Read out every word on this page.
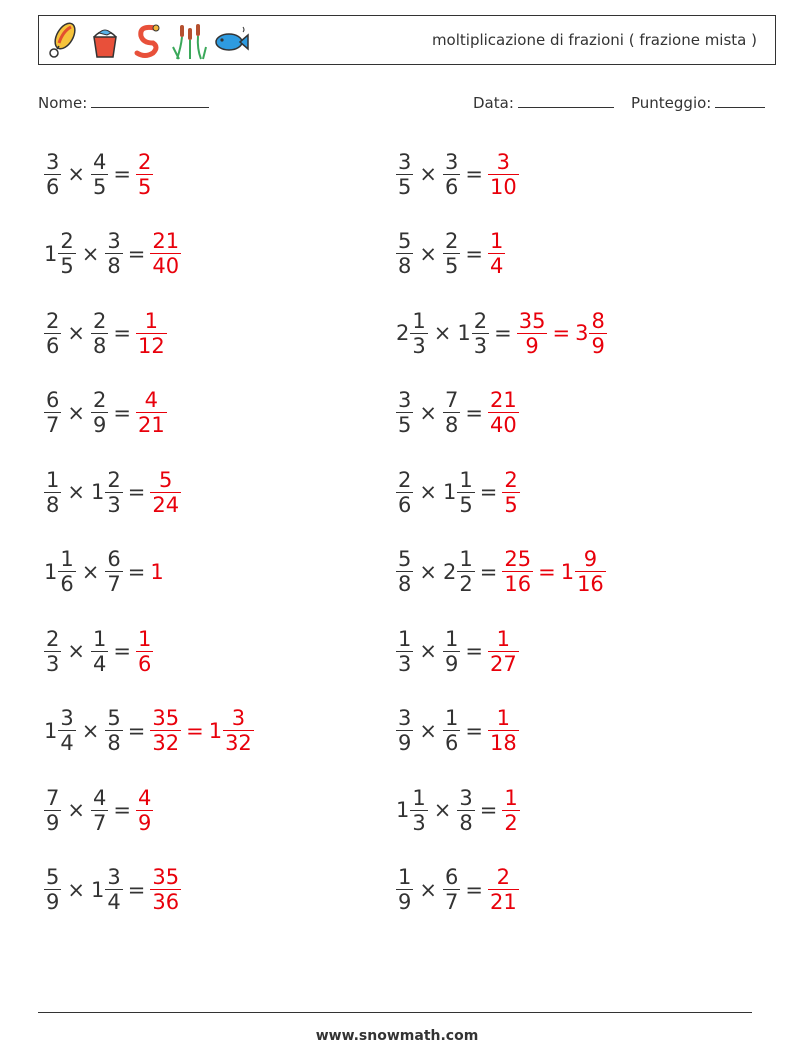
moltiplicazione di frazioni ( frazione mista )
Nome:	Data:	Punteggio:
$\frac{3}{6} \times \frac{4}{5} = \frac{2}{5}$	$\frac{3}{5} \times \frac{3}{6} = \frac{3}{10}$
$1 \frac{2}{5} \times \frac{3}{8} = \frac{21}{40}$	$\frac{5}{8} \times \frac{2}{5} = \frac{1}{4}$
$\frac{2}{6} \times \frac{2}{8} = \frac{1}{12}$	$2 \frac{1}{3} \times 1 \frac{2}{3} = \frac{35}{9} = 3 \frac{8}{9}$
$\frac{6}{7} \times \frac{2}{9} = \frac{4}{21}$	$\frac{3}{5} \times \frac{7}{8} = \frac{21}{40}$
$\frac{1}{8} \times 1 \frac{2}{3} = \frac{5}{24}$	$\frac{2}{6} \times 1 \frac{1}{5} = \frac{2}{5}$
$1 \frac{1}{6} \times \frac{6}{7} = 1$	$\frac{5}{8} \times 2 \frac{1}{2} = \frac{25}{16} = 1 \frac{9}{16}$
$\frac{2}{3} \times \frac{1}{4} = \frac{1}{6}$	$\frac{1}{3} \times \frac{1}{9} = \frac{1}{27}$
$1 \frac{3}{4} \times \frac{5}{8} = \frac{35}{32} = 1 \frac{3}{32}$	$\frac{3}{9} \times \frac{1}{6} = \frac{1}{18}$
$\frac{7}{9} \times \frac{4}{7} = \frac{4}{9}$	$1 \frac{1}{3} \times \frac{3}{8} = \frac{1}{2}$
$\frac{5}{9} \times 1 \frac{3}{4} = \frac{35}{36}$	$\frac{1}{9} \times \frac{6}{7} = \frac{2}{21}$
www.snowmath.com
